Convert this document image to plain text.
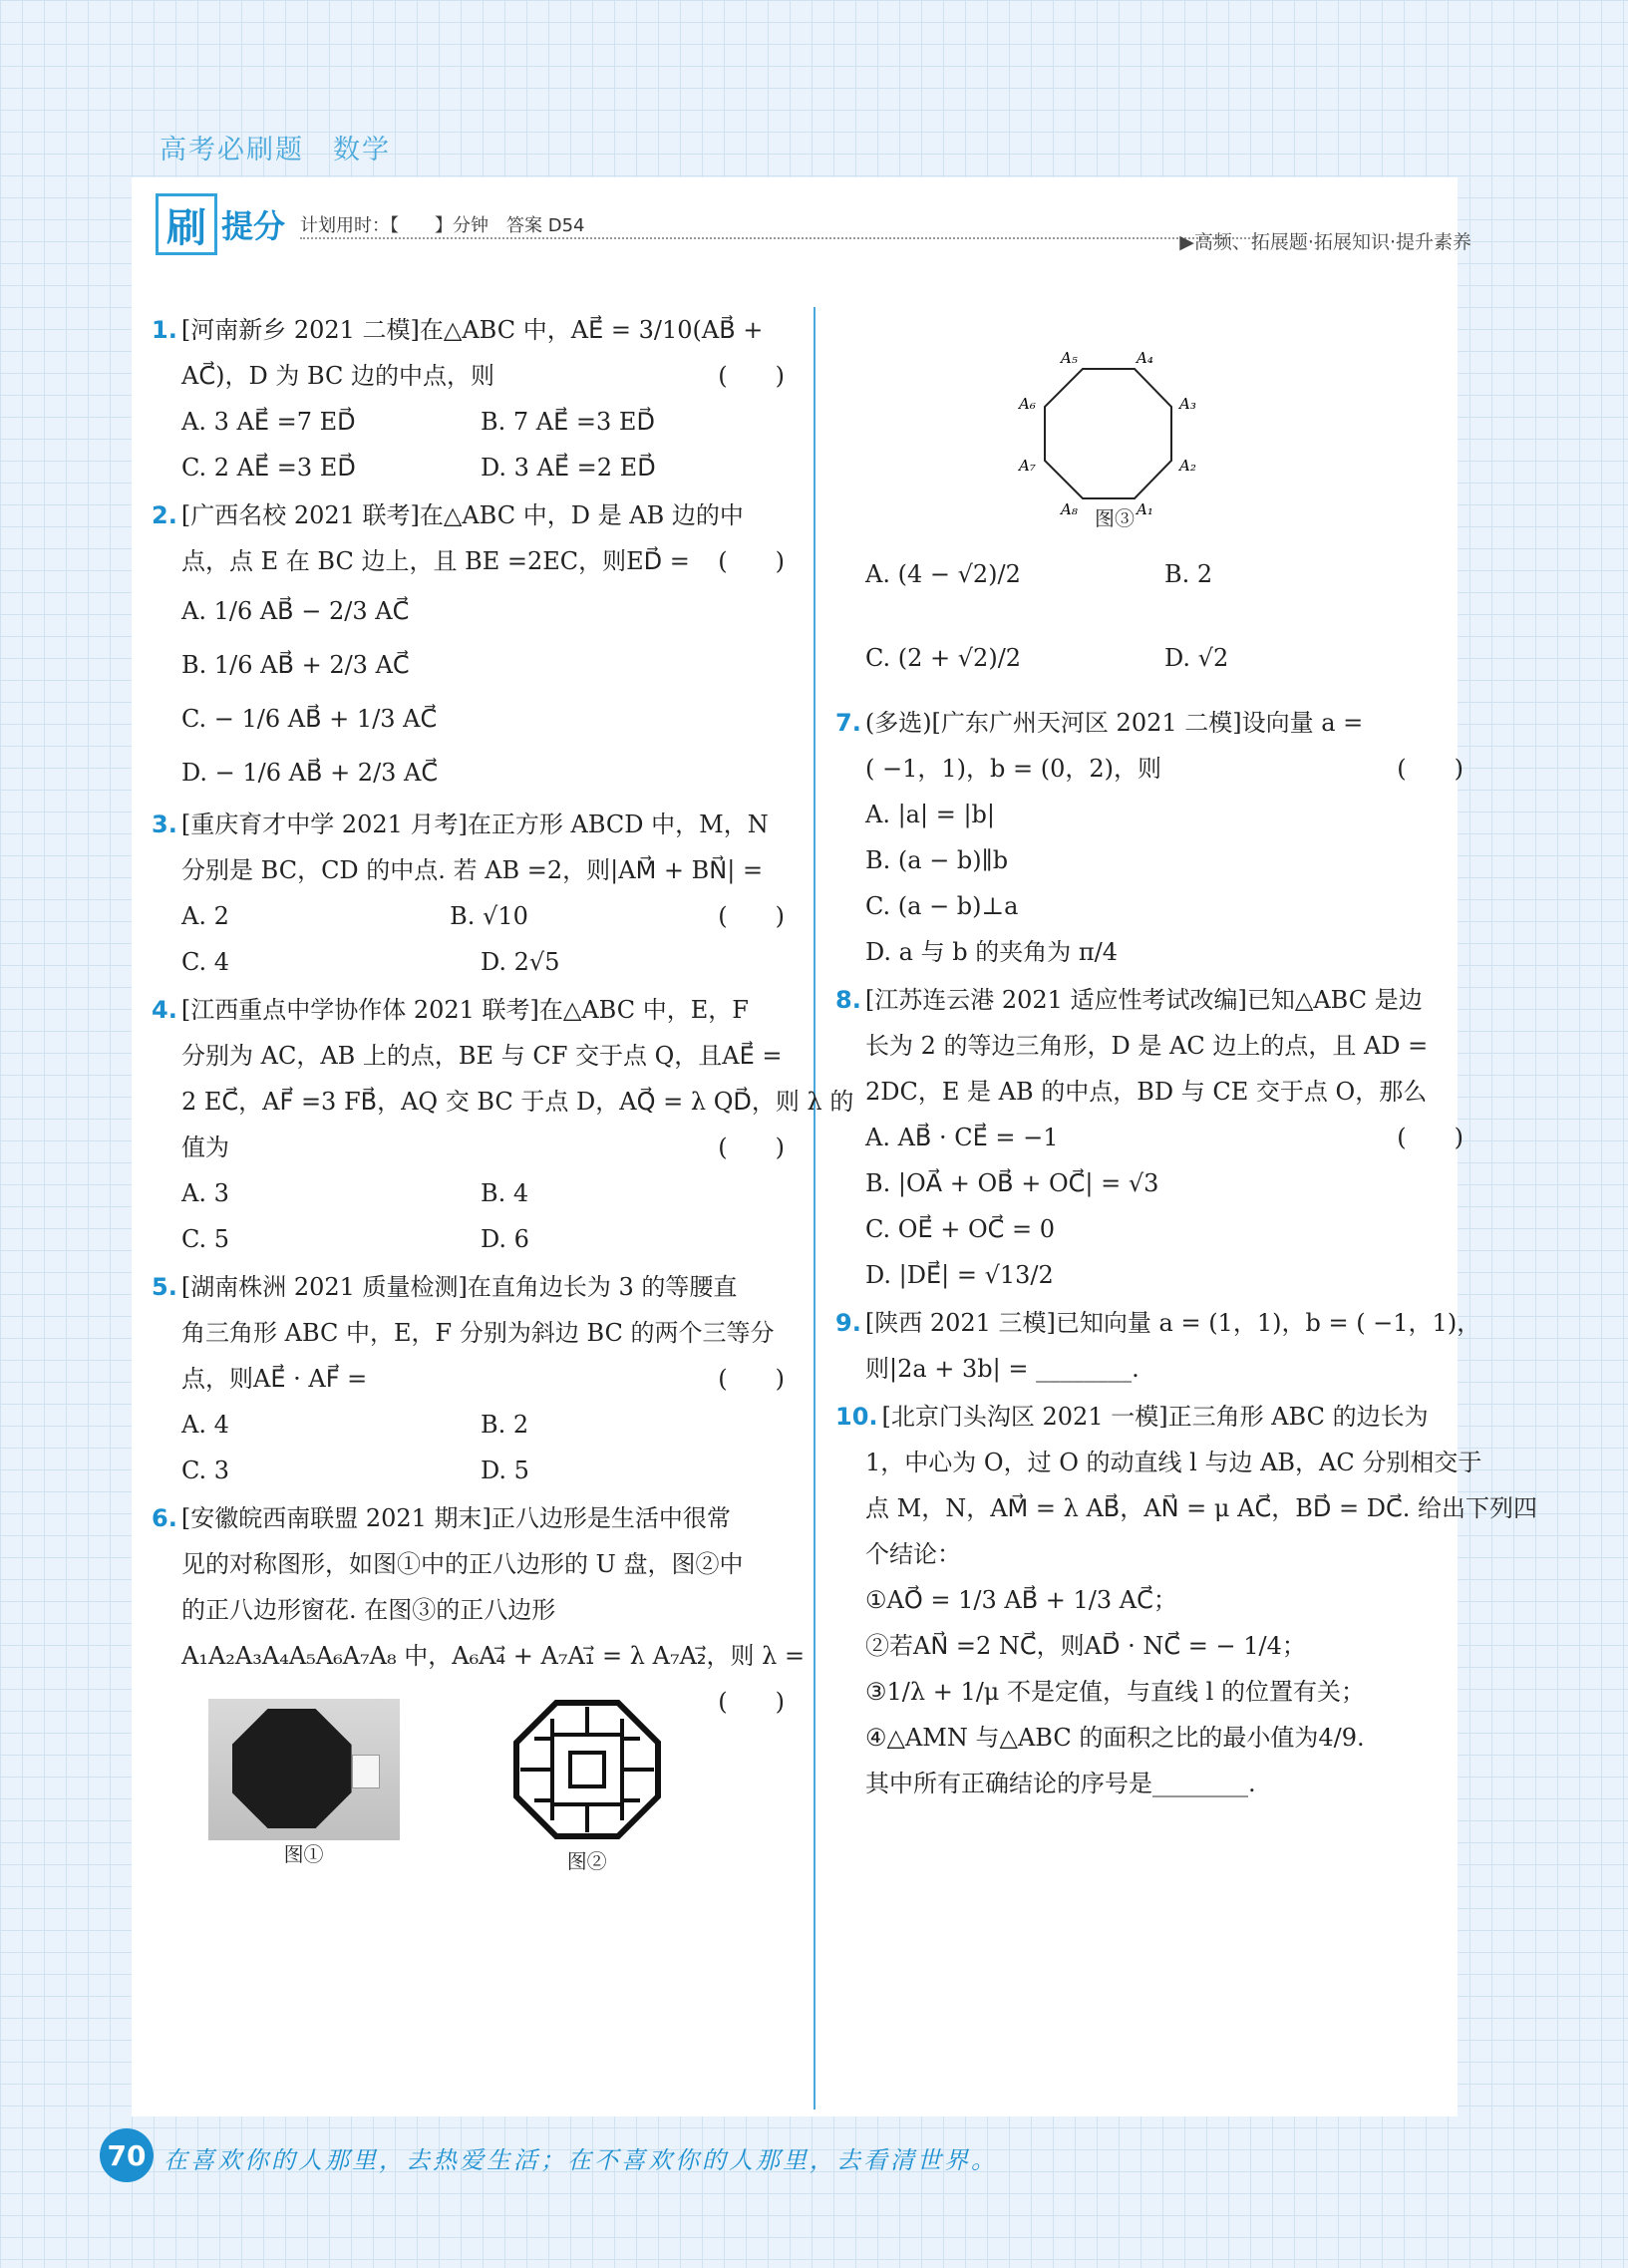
高考必刷题　数学
刷 提分 计划用时：【　　】分钟　答案 D54
▶高频、拓展题·拓展知识·提升素养
1. [河南新乡 2021 二模]在△ABC 中，AE⃗ = 3/10(AB⃗ +
AC⃗)，D 为 BC 边的中点，则	(　　)
A. 3 AE⃗ =7 ED⃗	B. 7 AE⃗ =3 ED⃗
C. 2 AE⃗ =3 ED⃗	D. 3 AE⃗ =2 ED⃗
2. [广西名校 2021 联考]在△ABC 中，D 是 AB 边的中
点，点 E 在 BC 边上，且 BE =2EC，则ED⃗ = (　　)
A. 1/6 AB⃗ − 2/3 AC⃗
B. 1/6 AB⃗ + 2/3 AC⃗
C. − 1/6 AB⃗ + 1/3 AC⃗
D. − 1/6 AB⃗ + 2/3 AC⃗
3. [重庆育才中学 2021 月考]在正方形 ABCD 中，M，N
分别是 BC，CD 的中点. 若 AB =2，则|AM⃗ + BN⃗| =
(　　)
A. 2	B. √10
C. 4	D. 2√5
4. [江西重点中学协作体 2021 联考]在△ABC 中，E，F
分别为 AC，AB 上的点，BE 与 CF 交于点 Q，且AE⃗ =
2 EC⃗，AF⃗ =3 FB⃗，AQ 交 BC 于点 D，AQ⃗ = λ QD⃗，则 λ 的
值为	(　　)
A. 3	B. 4
C. 5	D. 6
5. [湖南株洲 2021 质量检测]在直角边长为 3 的等腰直
角三角形 ABC 中，E，F 分别为斜边 BC 的两个三等分
点，则AE⃗ · AF⃗ =	(　　)
A. 4	B. 2
C. 3	D. 5
6. [安徽皖西南联盟 2021 期末]正八边形是生活中很常
见的对称图形，如图①中的正八边形的 U 盘，图②中
的正八边形窗花. 在图③的正八边形
A₁A₂A₃A₄A₅A₆A₇A₈ 中，A₆A₄⃗ + A₇A₁⃗ = λ A₇A₂⃗，则 λ =
(　　)
图①	图②
A₁
A₂
A₃
A₄
A₅
A₆
A₇
A₈ 图③
A. (4 − √2)/2	B. 2
C. (2 + √2)/2	D. √2
7. (多选)[广东广州天河区 2021 二模]设向量 a =
( −1，1)，b = (0，2)，则	(　　)
A. |a| = |b|
B. (a − b)∥b
C. (a − b)⊥a
D. a 与 b 的夹角为 π/4
8. [江苏连云港 2021 适应性考试改编]已知△ABC 是边
长为 2 的等边三角形，D 是 AC 边上的点，且 AD =
2DC，E 是 AB 的中点，BD 与 CE 交于点 O，那么
(　　)
A. AB⃗ · CE⃗ = −1
B. |OA⃗ + OB⃗ + OC⃗| = √3
C. OE⃗ + OC⃗ = 0
D. |DE⃗| = √13/2
9. [陕西 2021 三模]已知向量 a = (1，1)，b = ( −1，1)，
则|2a + 3b| = ________.
10. [北京门头沟区 2021 一模]正三角形 ABC 的边长为
1，中心为 O，过 O 的动直线 l 与边 AB，AC 分别相交于
点 M，N，AM⃗ = λ AB⃗，AN⃗ = μ AC⃗，BD⃗ = DC⃗. 给出下列四
个结论：
①AO⃗ = 1/3 AB⃗ + 1/3 AC⃗；
②若AN⃗ =2 NC⃗，则AD⃗ · NC⃗ = − 1/4；
③1/λ + 1/μ 不是定值，与直线 l 的位置有关；
④△AMN 与△ABC 的面积之比的最小值为4/9.
其中所有正确结论的序号是________.
70 在喜欢你的人那里，去热爱生活；在不喜欢你的人那里，去看清世界。
